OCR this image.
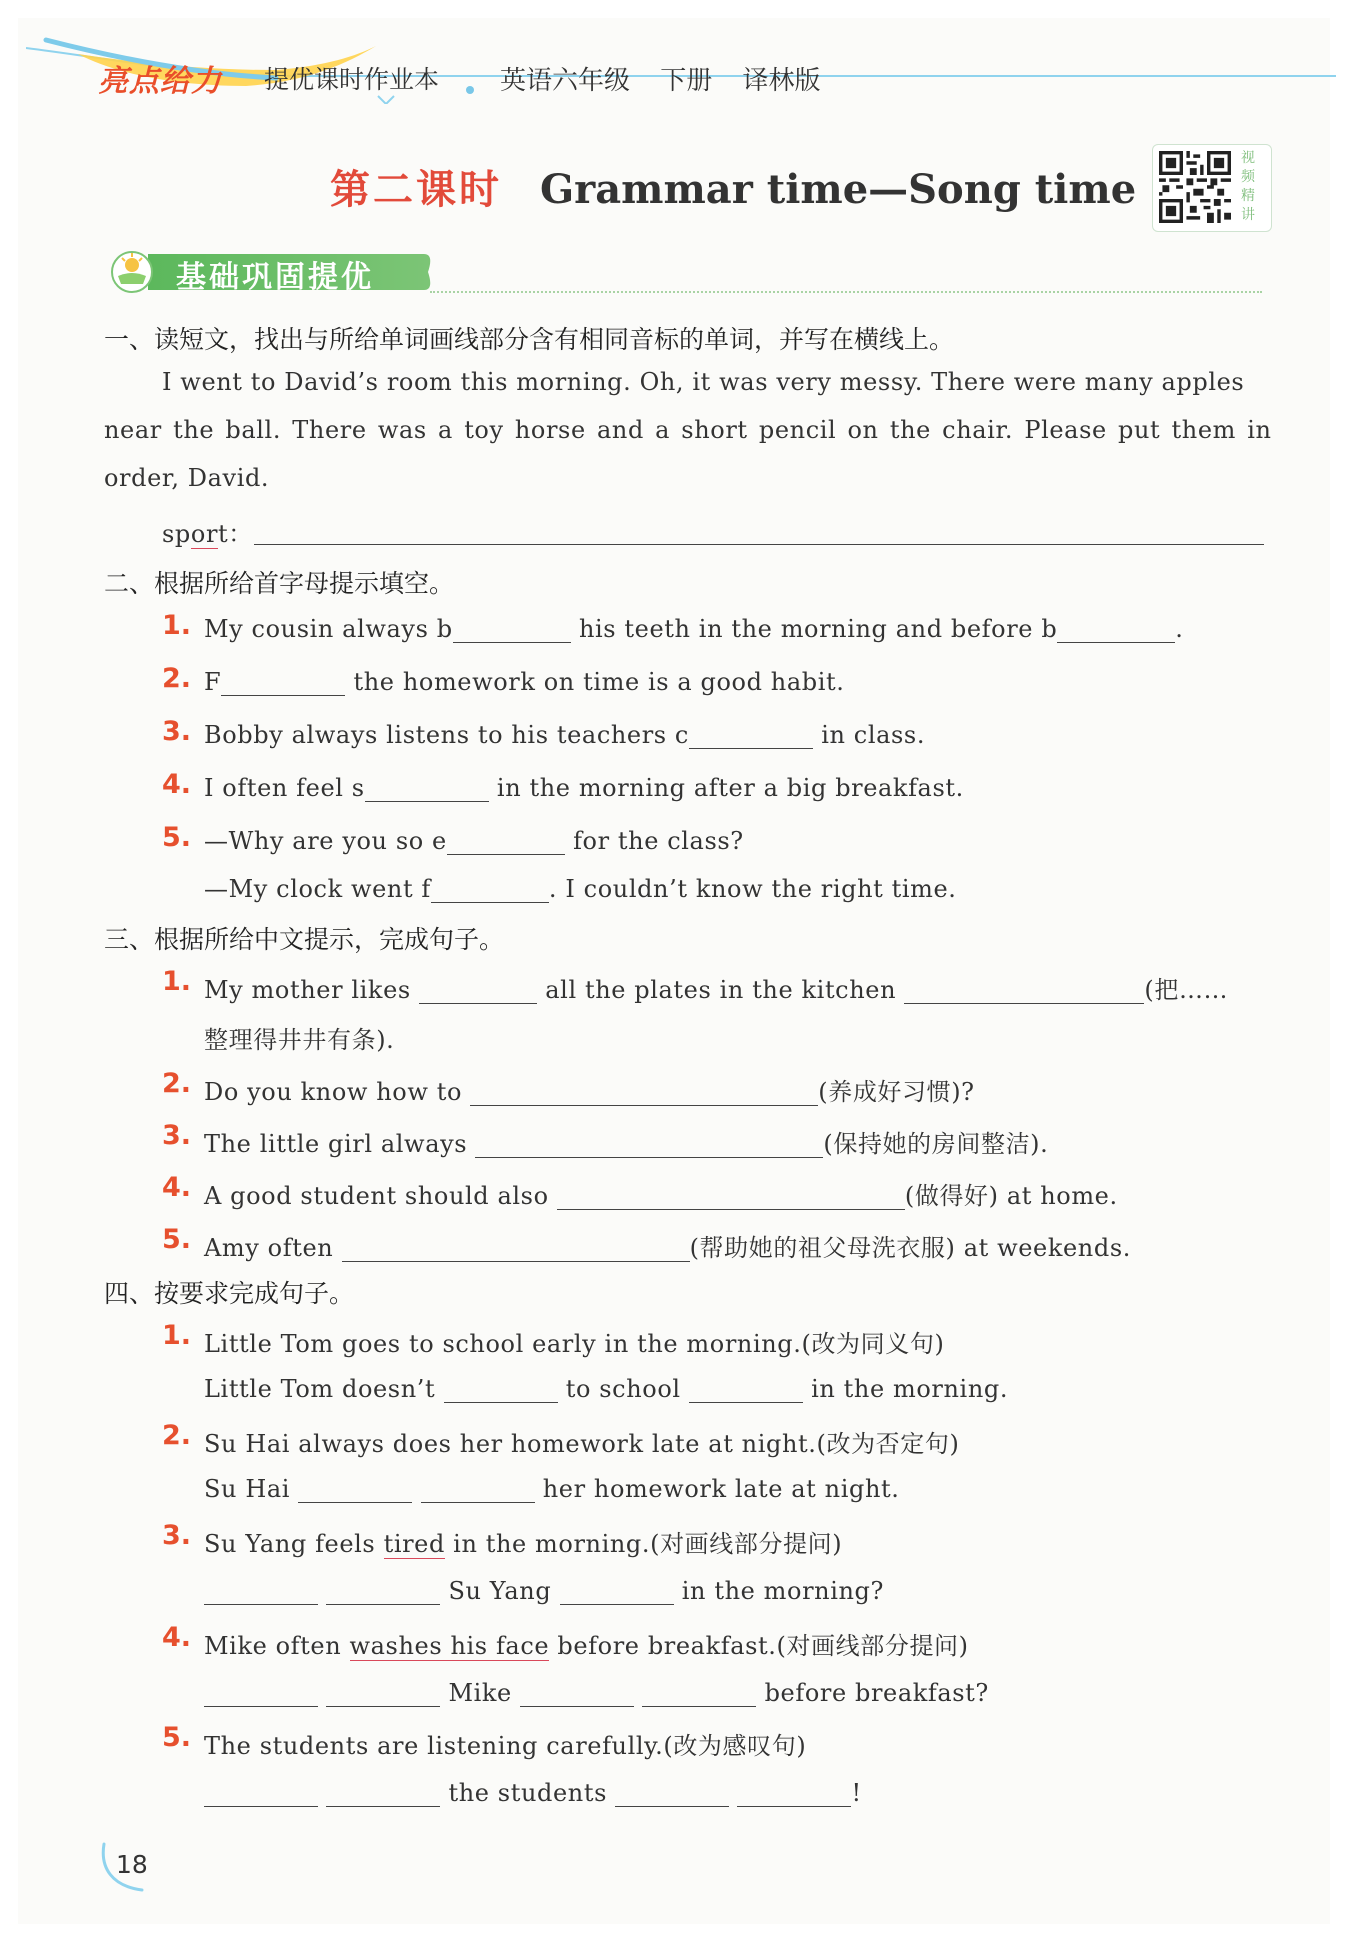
亮点给力 提优课时作业本 英语六年级 下册 译林版
第二课时 Grammar time—Song time
视频精讲
基础巩固提优
一、读短文，找出与所给单词画线部分含有相同音标的单词，并写在横线上。
I went to David’s room this morning. Oh, it was very messy. There were many apples
near the ball. There was a toy horse and a short pencil on the chair. Please put them in
order, David.
sport：
二、根据所给首字母提示填空。
1. My cousin always b	his teeth in the morning and before b	.
2. F	the homework on time is a good habit.
3. Bobby always listens to his teachers c	in class.
4. I often feel s	in the morning after a big breakfast.
5. —Why are you so e	for the class?
—My clock went f	. I couldn’t know the right time.
三、根据所给中文提示，完成句子。
1. My mother likes	all the plates in the kitchen	(把……
整理得井井有条).
2. Do you know how to	(养成好习惯)?
3. The little girl always	(保持她的房间整洁).
4. A good student should also	(做得好) at home.
5. Amy often	(帮助她的祖父母洗衣服) at weekends.
四、按要求完成句子。
1. Little Tom goes to school early in the morning.(改为同义句)
Little Tom doesn’t	to school	in the morning.
2. Su Hai always does her homework late at night.(改为否定句)
Su Hai	her homework late at night.
3. Su Yang feels tired in the morning.(对画线部分提问)
Su Yang	in the morning?
4. Mike often washes his face before breakfast.(对画线部分提问)
Mike	before breakfast?
5. The students are listening carefully.(改为感叹句)
the students	!
18
